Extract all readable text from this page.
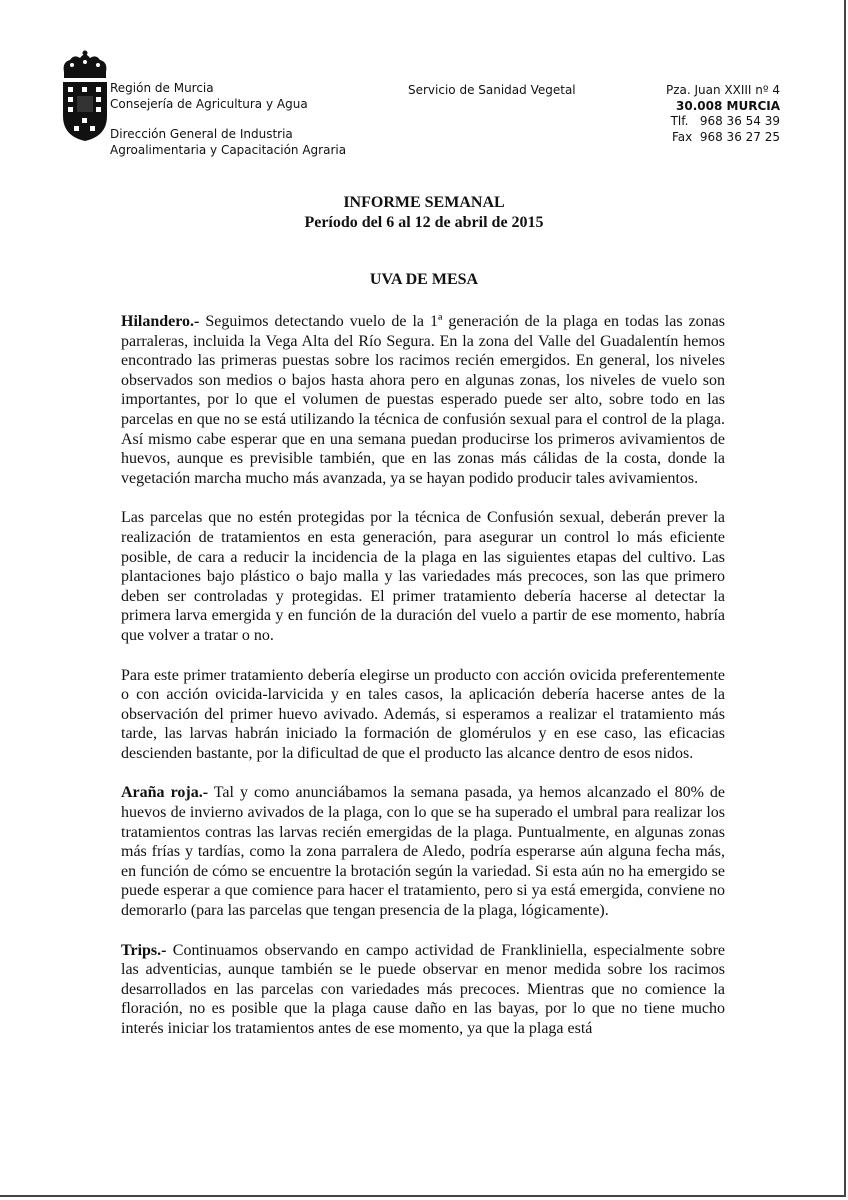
Región de Murcia
Consejería de Agricultura y Agua
Dirección General de Industria
Agroalimentaria y Capacitación Agraria
Servicio de Sanidad Vegetal	Pza. Juan XXIII nº 4
30.008 MURCIA
Tlf.   968 36 54 39
Fax  968 36 27 25
INFORME SEMANAL
Período del 6 al 12 de abril de 2015
UVA DE MESA

Hilandero.- Seguimos detectando vuelo de la 1ª generación de la plaga en todas las zonas parraleras, incluida la Vega Alta del Río Segura. En la zona del Valle del Guadalentín hemos encontrado las primeras puestas sobre los racimos recién emergidos. En general, los niveles observados son medios o bajos hasta ahora pero en algunas zonas, los niveles de vuelo son importantes, por lo que el volumen de puestas esperado puede ser alto, sobre todo en las parcelas en que no se está utilizando la técnica de confusión sexual para el control de la plaga. Así mismo cabe esperar que en una semana puedan producirse los primeros avivamientos de huevos, aunque es previsible también, que en las zonas más cálidas de la costa, donde la vegetación marcha mucho más avanzada, ya se hayan podido producir tales avivamientos.

Las parcelas que no estén protegidas por la técnica de Confusión sexual, deberán prever la realización de tratamientos en esta generación, para asegurar un control lo más eficiente posible, de cara a reducir la incidencia de la plaga en las siguientes etapas del cultivo. Las plantaciones bajo plástico o bajo malla y las variedades más precoces, son las que primero deben ser controladas y protegidas. El primer tratamiento debería hacerse al detectar la primera larva emergida y en función de la duración del vuelo a partir de ese momento, habría que volver a tratar o no.

Para este primer tratamiento debería elegirse un producto con acción ovicida preferentemente o con acción ovicida-larvicida y en tales casos, la aplicación debería hacerse antes de la observación del primer huevo avivado. Además, si esperamos a realizar el tratamiento más tarde, las larvas habrán iniciado la formación de glomérulos y en ese caso, las eficacias descienden bastante, por la dificultad de que el producto las alcance dentro de esos nidos.

Araña roja.- Tal y como anunciábamos la semana pasada, ya hemos alcanzado el 80% de huevos de invierno avivados de la plaga, con lo que se ha superado el umbral para realizar los tratamientos contras las larvas recién emergidas de la plaga. Puntualmente, en algunas zonas más frías y tardías, como la zona parralera de Aledo, podría esperarse aún alguna fecha más, en función de cómo se encuentre la brotación según la variedad. Si esta aún no ha emergido se puede esperar a que comience para hacer el tratamiento, pero si ya está emergida, conviene no demorarlo (para las parcelas que tengan presencia de la plaga, lógicamente).

Trips.- Continuamos observando en campo actividad de Frankliniella, especialmente sobre las adventicias, aunque también se le puede observar en menor medida sobre los racimos desarrollados en las parcelas con variedades más precoces. Mientras que no comience la floración, no es posible que la plaga cause daño en las bayas, por lo que no tiene mucho interés iniciar los tratamientos antes de ese momento, ya que la plaga está
